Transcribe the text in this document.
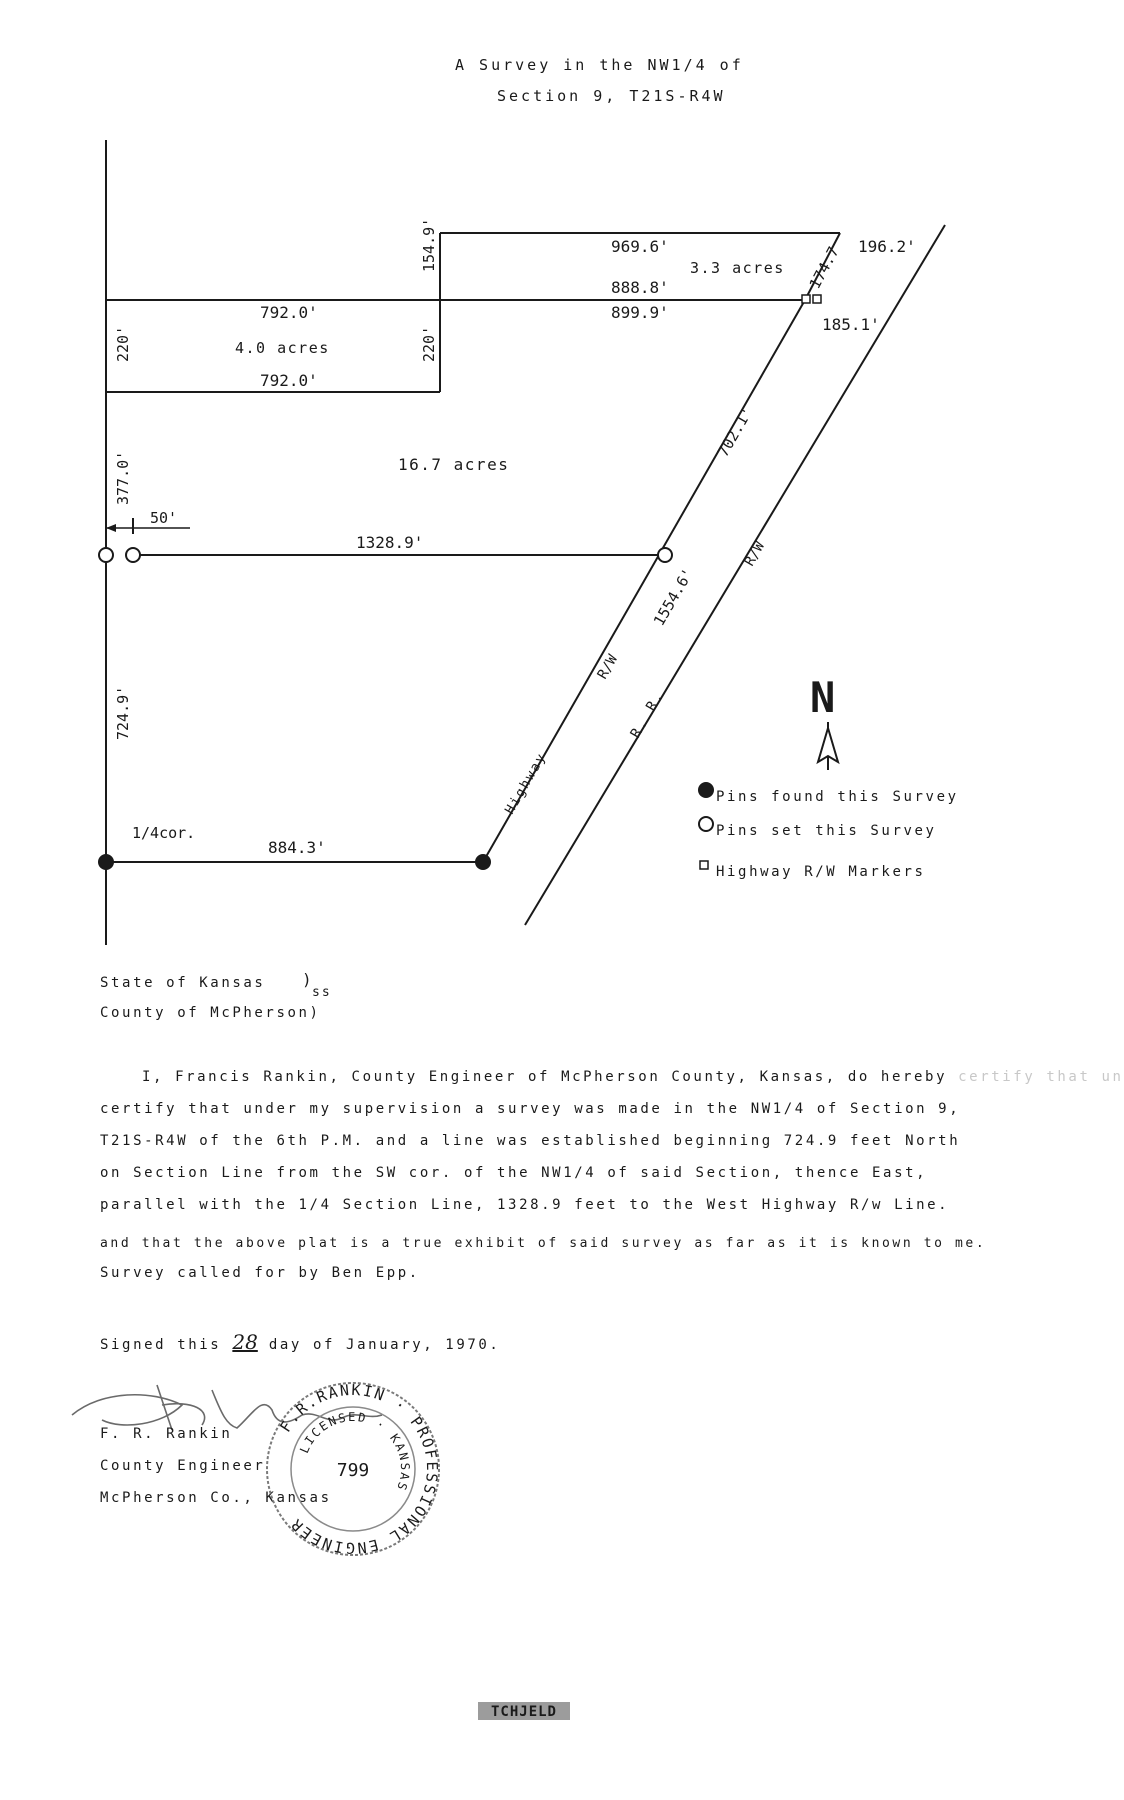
A Survey in the NW1/4 of
Section 9, T21S-R4W
969.6'
888.8'
899.9'
196.2'
185.1'
792.0'
792.0'
50'
1328.9'
884.3'
3.3 acres
4.0 acres
16.7 acres
1/4cor.
154.9'
220'	220'
377.0'
724.9'
174.7
702.1'
1554.6'
Highway
R/W
R/W
R. R.	N
Pins found this Survey
Pins set this Survey
Highway R/W Markers
State of Kansas )
ss
County of McPherson)
I, Francis Rankin, County Engineer of McPherson County, Kansas, do hereby certify that un
certify that under my supervision a survey was made in the NW1/4 of Section 9,
T21S-R4W of the 6th P.M. and a line was established beginning 724.9 feet North
on Section Line from the SW cor. of the NW1/4 of said Section, thence East,
parallel with the 1/4 Section Line, 1328.9 feet to the West Highway R/w Line.
and that the above plat is a true exhibit of said survey as far as it is known to me.
Survey called for by Ben Epp.
Signed this 28 day of January, 1970.
F. R. Rankin
County Engineer
McPherson Co., Kansas
F.R.RANKIN · PROFESSIONAL ENGINEER
LICENSED · KANSAS
799
TCHJELD
